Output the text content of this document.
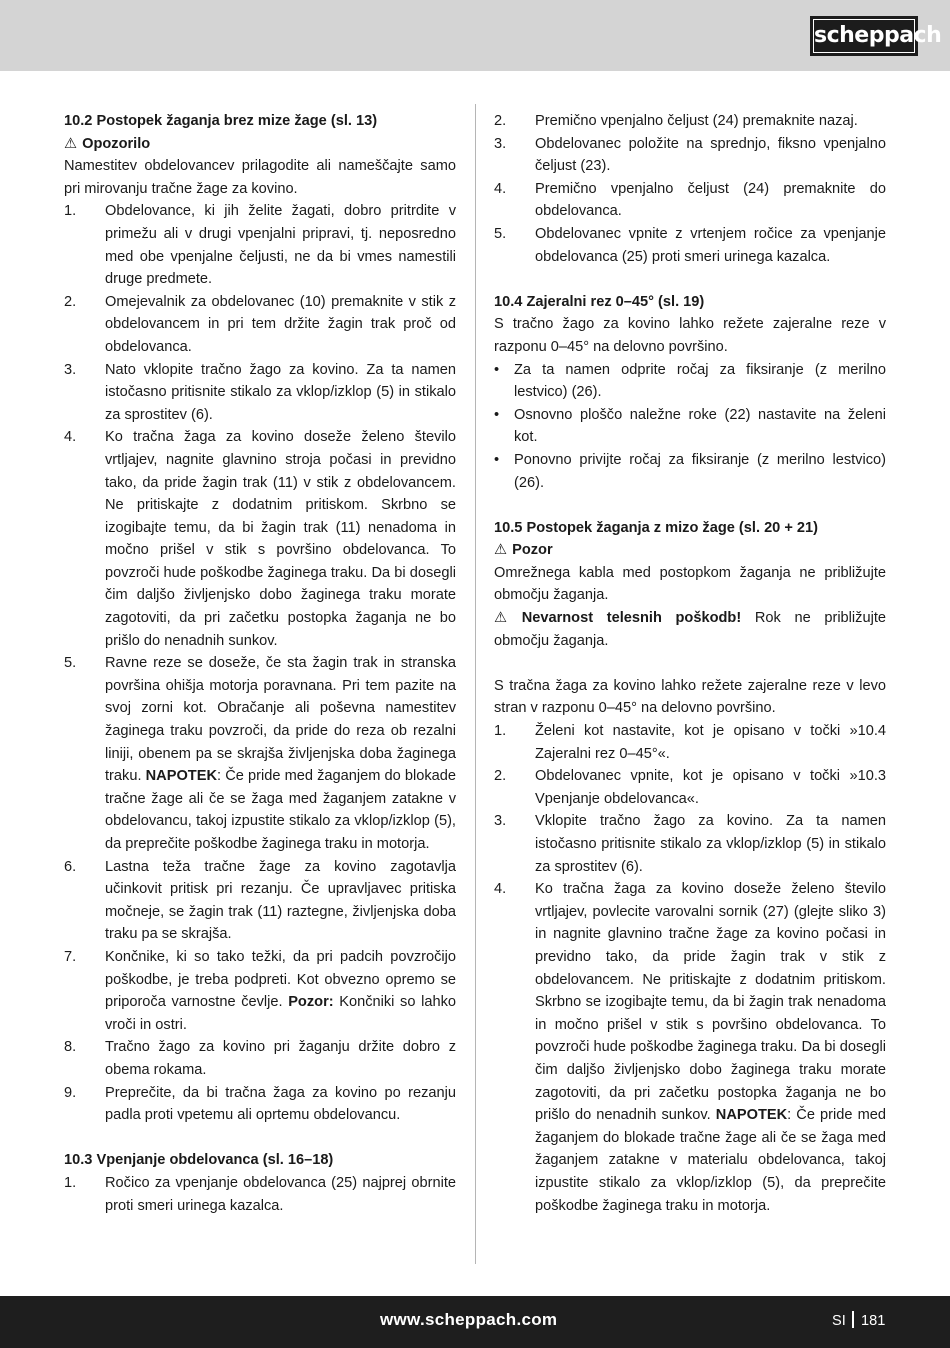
scheppach

10.2 Postopek žaganja brez mize žage (sl. 13)

⚠ Opozorilo

Namestitev obdelovancev prilagodite ali nameščajte samo pri mirovanju tračne žage za kovino.

1. Obdelovance, ki jih želite žagati, dobro pritrdite v primežu ali v drugi vpenjalni pripravi, tj. neposredno med obe vpenjalne čeljusti, ne da bi vmes namestili druge predmete.
2. Omejevalnik za obdelovanec (10) premaknite v stik z obdelovancem in pri tem držite žagin trak proč od obdelovanca.
3. Nato vklopite tračno žago za kovino. Za ta namen istočasno pritisnite stikalo za vklop/izklop (5) in stikalo za sprostitev (6).
4. Ko tračna žaga za kovino doseže želeno število vrtljajev, nagnite glavnino stroja počasi in previdno tako, da pride žagin trak (11) v stik z obdelovancem. Ne pritiskajte z dodatnim pritiskom. Skrbno se izogibajte temu, da bi žagin trak (11) nenadoma in močno prišel v stik s površino obdelovanca. To povzroči hude poškodbe žaginega traku. Da bi dosegli čim daljšo življenjsko dobo žaginega traku morate zagotoviti, da pri začetku postopka žaganja ne bo prišlo do nenadnih sunkov.
5. Ravne reze se doseže, če sta žagin trak in stranska površina ohišja motorja poravnana. Pri tem pazite na svoj zorni kot. Obračanje ali poševna namestitev žaginega traku povzroči, da pride do reza ob rezalni liniji, obenem pa se skrajša življenjska doba žaginega traku. NAPOTEK: Če pride med žaganjem do blokade tračne žage ali če se žaga med žaganjem zatakne v obdelovancu, takoj izpustite stikalo za vklop/izklop (5), da preprečite poškodbe žaginega traku in motorja.
6. Lastna teža tračne žage za kovino zagotavlja učinkovit pritisk pri rezanju. Če upravljavec pritiska močneje, se žagin trak (11) raztegne, življenjska doba traku pa se skrajša.
7. Končnike, ki so tako težki, da pri padcih povzročijo poškodbe, je treba podpreti. Kot obvezno opremo se priporoča varnostne čevlje. Pozor: Končniki so lahko vroči in ostri.
8. Tračno žago za kovino pri žaganju držite dobro z obema rokama.
9. Preprečite, da bi tračna žaga za kovino po rezanju padla proti vpetemu ali oprtemu obdelovancu.

10.3 Vpenjanje obdelovanca (sl. 16–18)

1. Ročico za vpenjanje obdelovanca (25) najprej obrnite proti smeri urinega kazalca.
2. Premično vpenjalno čeljust (24) premaknite nazaj.
3. Obdelovanec položite na sprednjo, fiksno vpenjalno čeljust (23).
4. Premično vpenjalno čeljust (24) premaknite do obdelovanca.
5. Obdelovanec vpnite z vrtenjem ročice za vpenjanje obdelovanca (25) proti smeri urinega kazalca.

10.4 Zajeralni rez 0–45° (sl. 19)

S tračno žago za kovino lahko režete zajeralne reze v razponu 0–45° na delovno površino.

• Za ta namen odprite ročaj za fiksiranje (z merilno lestvico) (26).
• Osnovno ploščo naležne roke (22) nastavite na želeni kot.
• Ponovno privijte ročaj za fiksiranje (z merilno lestvico) (26).

10.5 Postopek žaganja z mizo žage (sl. 20 + 21)

⚠ Pozor

Omrežnega kabla med postopkom žaganja ne približujte območju žaganja.

⚠ Nevarnost telesnih poškodb! Rok ne približujte območju žaganja.

S tračna žaga za kovino lahko režete zajeralne reze v levo stran v razponu 0–45° na delovno površino.

1. Želeni kot nastavite, kot je opisano v točki »10.4 Zajeralni rez 0–45°«.
2. Obdelovanec vpnite, kot je opisano v točki »10.3 Vpenjanje obdelovanca«.
3. Vklopite tračno žago za kovino. Za ta namen istočasno pritisnite stikalo za vklop/izklop (5) in stikalo za sprostitev (6).
4. Ko tračna žaga za kovino doseže želeno število vrtljajev, povlecite varovalni sornik (27) (glejte sliko 3) in nagnite glavnino tračne žage za kovino počasi in previdno tako, da pride žagin trak v stik z obdelovancem. Ne pritiskajte z dodatnim pritiskom. Skrbno se izogibajte temu, da bi žagin trak nenadoma in močno prišel v stik s površino obdelovanca. To povzroči hude poškodbe žaginega traku. Da bi dosegli čim daljšo življenjsko dobo žaginega traku morate zagotoviti, da pri začetku postopka žaganja ne bo prišlo do nenadnih sunkov. NAPOTEK: Če pride med žaganjem do blokade tračne žage ali če se žaga med žaganjem zatakne v materialu obdelovanca, takoj izpustite stikalo za vklop/izklop (5), da preprečite poškodbe žaginega traku in motorja.
www.scheppach.com	SI 181
